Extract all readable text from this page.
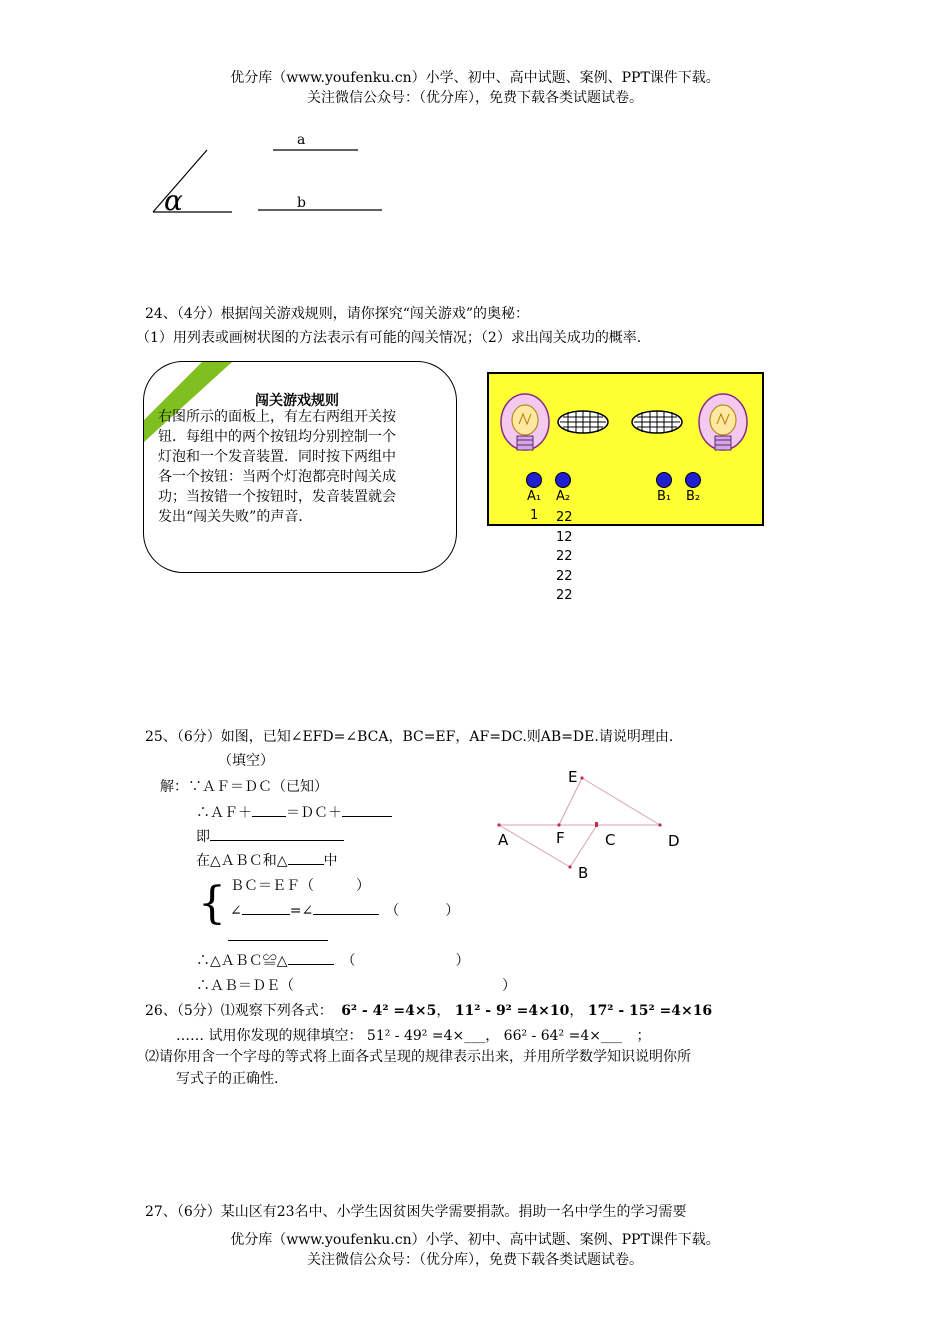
优分库（www.youfenku.cn）小学、初中、高中试题、案例、PPT课件下载。
关注微信公众号：（优分库），免费下载各类试题试卷。
α
a
b
24、（4分）根据闯关游戏规则，请你探究“闯关游戏”的奥秘：
（1）用列表或画树状图的方法表示有可能的闯关情况；（2）求出闯关成功的概率.
闯关游戏规则
右图所示的面板上，有左右两组开关按
钮．每组中的两个按钮均分别控制一个
灯泡和一个发音装置．同时按下两组中
各一个按钮：当两个灯泡都亮时闯关成
功；当按错一个按钮时，发音装置就会
发出“闯关失败”的声音．
A₁ A₂	B₁ B₂
1 22
12
22
22
22
25、（6分）如图，已知∠EFD=∠BCA，BC=EF，AF=DC.则AB=DE.请说明理由.
（填空）
解：∵ＡＦ＝ＤＣ（已知）
∴ＡＦ＋ ＝ＤＣ＋
即
在△ＡＢＣ和△	中
{ ＢＣ＝ＥＦ（	）
∠	=∠	（	）
∴△ＡＢＣ≌△	（	）
∴ＡＢ＝ＤＥ（	）
E
A	F	C	D
B
26、（5分）⑴观察下列各式： 6² - 4² =4×5， 11² - 9² =4×10， 17² - 15² =4×16
…… 试用你发现的规律填空： 51² - 49² =4×___， 66² - 64² =4×___ ；
⑵请你用含一个字母的等式将上面各式呈现的规律表示出来，并用所学数学知识说明你所
写式子的正确性.
27、（6分）某山区有23名中、小学生因贫困失学需要捐款。捐助一名中学生的学习需要
优分库（www.youfenku.cn）小学、初中、高中试题、案例、PPT课件下载。
关注微信公众号：（优分库），免费下载各类试题试卷。
